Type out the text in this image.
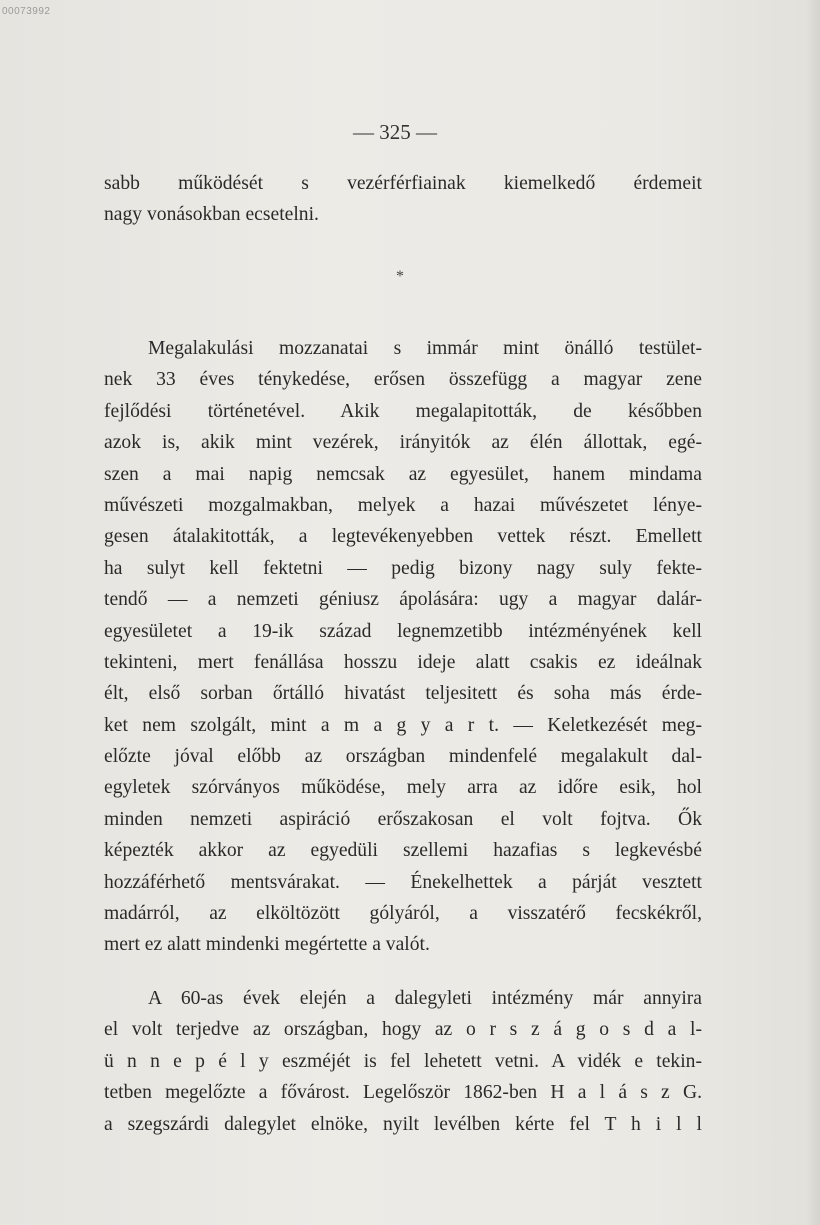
00073992
— 325 —
sabb működését s vezérférfiainak kiemelkedő érdemeit
nagy vonásokban ecsetelni.
*
Megalakulási mozzanatai s immár mint önálló testület-
nek 33 éves ténykedése, erősen összefügg a magyar zene
fejlődési történetével. Akik megalapitották, de későbben
azok is, akik mint vezérek, irányitók az élén állottak, egé-
szen a mai napig nemcsak az egyesület, hanem mindama
művészeti mozgalmakban, melyek a hazai művészetet lénye-
gesen átalakitották, a legtevékenyebben vettek részt. Emellett
ha sulyt kell fektetni — pedig bizony nagy suly fekte-
tendő — a nemzeti géniusz ápolására: ugy a magyar dalár-
egyesületet a 19-ik század legnemzetibb intézményének kell
tekinteni, mert fenállása hosszu ideje alatt csakis ez ideálnak
élt, első sorban őrtálló hivatást teljesitett és soha más érde-
ket nem szolgált, mint a m a g y a r t. — Keletkezését meg-
előzte jóval előbb az országban mindenfelé megalakult dal-
egyletek szórványos működése, mely arra az időre esik, hol
minden nemzeti aspiráció erőszakosan el volt fojtva. Ők
képezték akkor az egyedüli szellemi hazafias s legkevésbé
hozzáférhető mentsvárakat. — Énekelhettek a párját vesztett
madárról, az elköltözött gólyáról, a visszatérő fecskékről,
mert ez alatt mindenki megértette a valót.
A 60-as évek elején a dalegyleti intézmény már annyira
el volt terjedve az országban, hogy az o r s z á g o s d a l-
ü n n e p é l y eszméjét is fel lehetett vetni. A vidék e tekin-
tetben megelőzte a fővárost. Legelőször 1862-ben H a l á s z G.
a szegszárdi dalegylet elnöke, nyilt levélben kérte fel T h i l l
